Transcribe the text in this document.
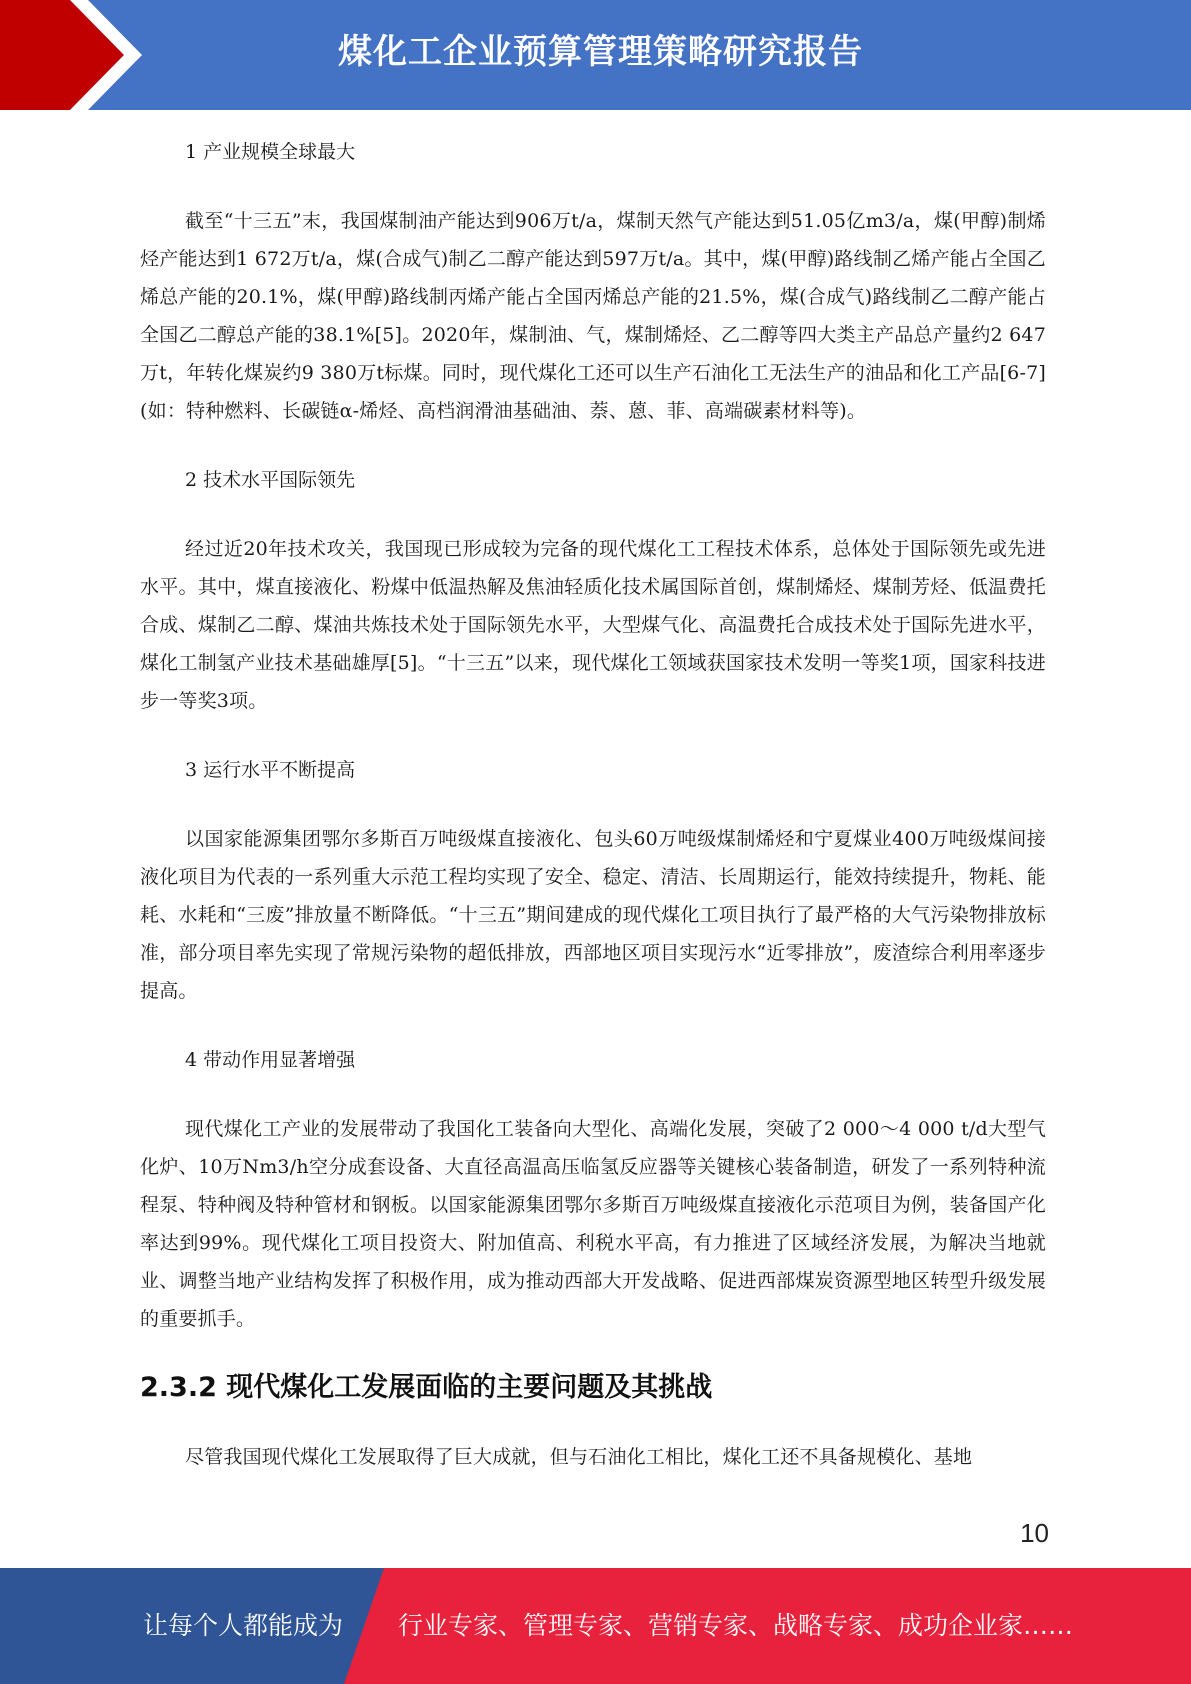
煤化工企业预算管理策略研究报告
1 产业规模全球最大

截至“十三五”末，我国煤制油产能达到906万t/a，煤制天然气产能达到51.05亿m3/a，煤(甲醇)制烯烃产能达到1 672万t/a，煤(合成气)制乙二醇产能达到597万t/a。其中，煤(甲醇)路线制乙烯产能占全国乙烯总产能的20.1%，煤(甲醇)路线制丙烯产能占全国丙烯总产能的21.5%，煤(合成气)路线制乙二醇产能占全国乙二醇总产能的38.1%[5]。2020年，煤制油、气，煤制烯烃、乙二醇等四大类主产品总产量约2 647万t，年转化煤炭约9 380万t标煤。同时，现代煤化工还可以生产石油化工无法生产的油品和化工产品[6-7](如：特种燃料、长碳链α-烯烃、高档润滑油基础油、萘、蒽、菲、高端碳素材料等)。

2 技术水平国际领先

经过近20年技术攻关，我国现已形成较为完备的现代煤化工工程技术体系，总体处于国际领先或先进水平。其中，煤直接液化、粉煤中低温热解及焦油轻质化技术属国际首创，煤制烯烃、煤制芳烃、低温费托合成、煤制乙二醇、煤油共炼技术处于国际领先水平，大型煤气化、高温费托合成技术处于国际先进水平，煤化工制氢产业技术基础雄厚[5]。“十三五”以来，现代煤化工领域获国家技术发明一等奖1项，国家科技进步一等奖3项。

3 运行水平不断提高

以国家能源集团鄂尔多斯百万吨级煤直接液化、包头60万吨级煤制烯烃和宁夏煤业400万吨级煤间接液化项目为代表的一系列重大示范工程均实现了安全、稳定、清洁、长周期运行，能效持续提升，物耗、能耗、水耗和“三废”排放量不断降低。“十三五”期间建成的现代煤化工项目执行了最严格的大气污染物排放标准，部分项目率先实现了常规污染物的超低排放，西部地区项目实现污水“近零排放”，废渣综合利用率逐步提高。

4 带动作用显著增强

现代煤化工产业的发展带动了我国化工装备向大型化、高端化发展，突破了2 000～4 000 t/d大型气化炉、10万Nm3/h空分成套设备、大直径高温高压临氢反应器等关键核心装备制造，研发了一系列特种流程泵、特种阀及特种管材和钢板。以国家能源集团鄂尔多斯百万吨级煤直接液化示范项目为例，装备国产化率达到99%。现代煤化工项目投资大、附加值高、利税水平高，有力推进了区域经济发展，为解决当地就业、调整当地产业结构发挥了积极作用，成为推动西部大开发战略、促进西部煤炭资源型地区转型升级发展的重要抓手。

2.3.2 现代煤化工发展面临的主要问题及其挑战

尽管我国现代煤化工发展取得了巨大成就，但与石油化工相比，煤化工还不具备规模化、基地

10
让每个人都能成为 行业专家、管理专家、营销专家、战略专家、成功企业家……
